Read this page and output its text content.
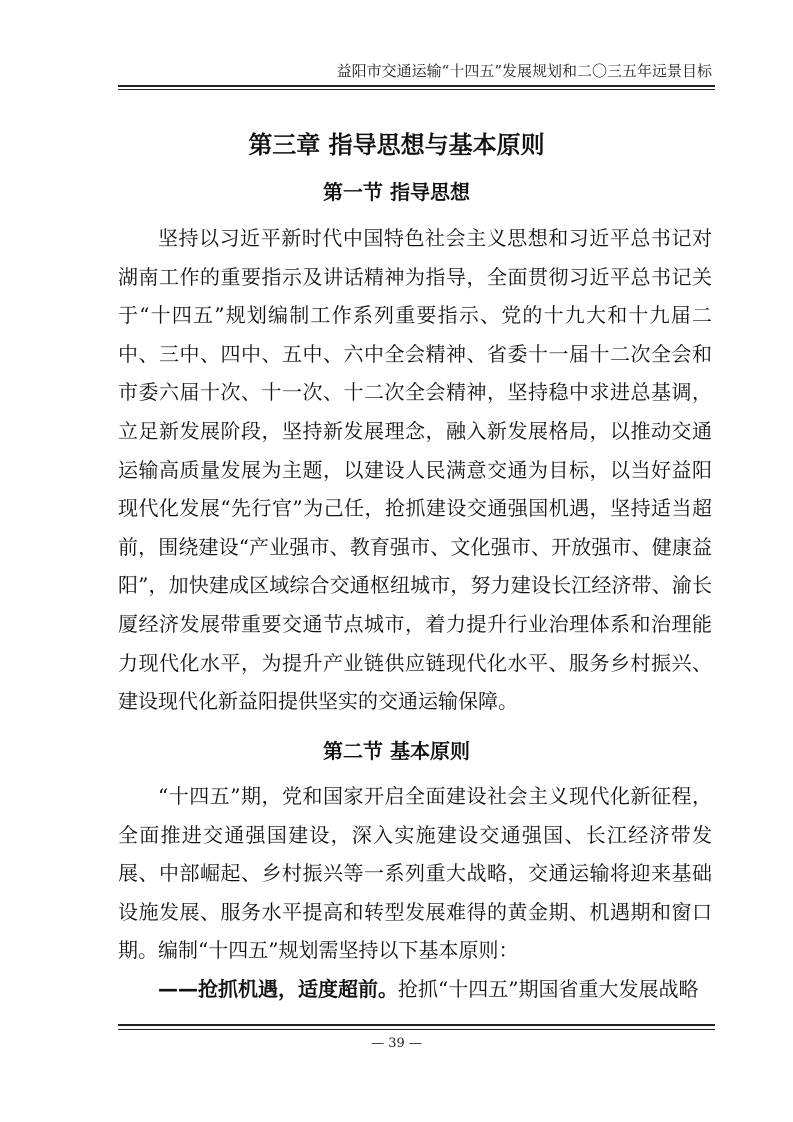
益阳市交通运输“十四五”发展规划和二〇三五年远景目标
第三章 指导思想与基本原则
第一节 指导思想

坚持以习近平新时代中国特色社会主义思想和习近平总书记对湖南工作的重要指示及讲话精神为指导，全面贯彻习近平总书记关于“十四五”规划编制工作系列重要指示、党的十九大和十九届二中、三中、四中、五中、六中全会精神、省委十一届十二次全会和市委六届十次、十一次、十二次全会精神，坚持稳中求进总基调，立足新发展阶段，坚持新发展理念，融入新发展格局，以推动交通运输高质量发展为主题，以建设人民满意交通为目标，以当好益阳现代化发展“先行官”为己任，抢抓建设交通强国机遇，坚持适当超前，围绕建设“产业强市、教育强市、文化强市、开放强市、健康益阳”，加快建成区域综合交通枢纽城市，努力建设长江经济带、渝长厦经济发展带重要交通节点城市，着力提升行业治理体系和治理能力现代化水平，为提升产业链供应链现代化水平、服务乡村振兴、建设现代化新益阳提供坚实的交通运输保障。

第二节 基本原则

“十四五”期，党和国家开启全面建设社会主义现代化新征程，全面推进交通强国建设，深入实施建设交通强国、长江经济带发展、中部崛起、乡村振兴等一系列重大战略，交通运输将迎来基础设施发展、服务水平提高和转型发展难得的黄金期、机遇期和窗口期。编制“十四五”规划需坚持以下基本原则：

——抢抓机遇，适度超前。抢抓“十四五”期国省重大发展战略

— 39 —
